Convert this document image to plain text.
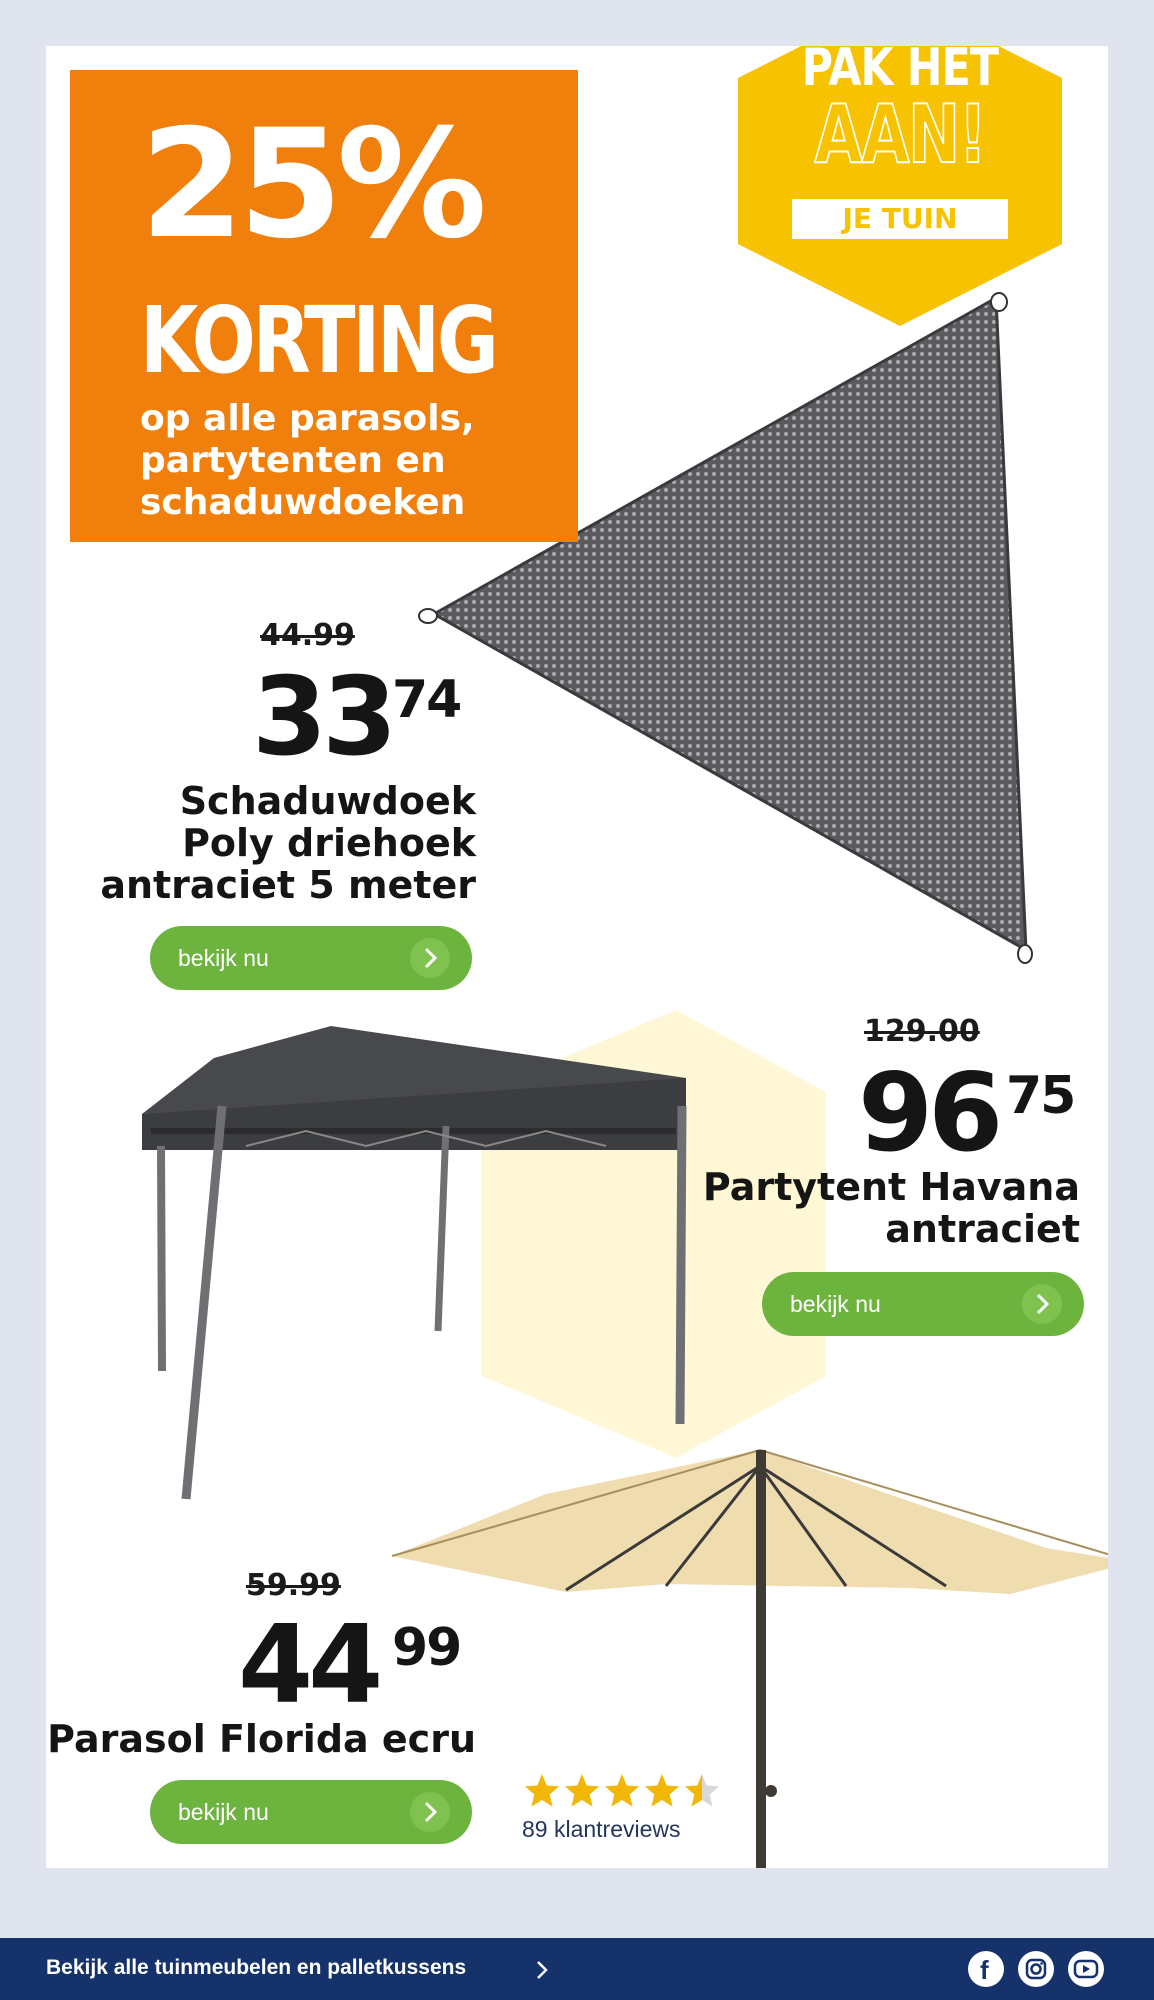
25%
KORTING
op alle parasols,
partytenten en
schaduwdoeken
PAK HET
AAN!
JE TUIN
44.99
33 74
Schaduwdoek
Poly driehoek
antraciet 5 meter
bekijk nu
129.00
96 75
Partytent Havana
antraciet
bekijk nu
59.99
44 99
Parasol Florida ecru
bekijk nu
89 klantreviews
Bekijk alle tuinmeubelen en palletkussens	f
